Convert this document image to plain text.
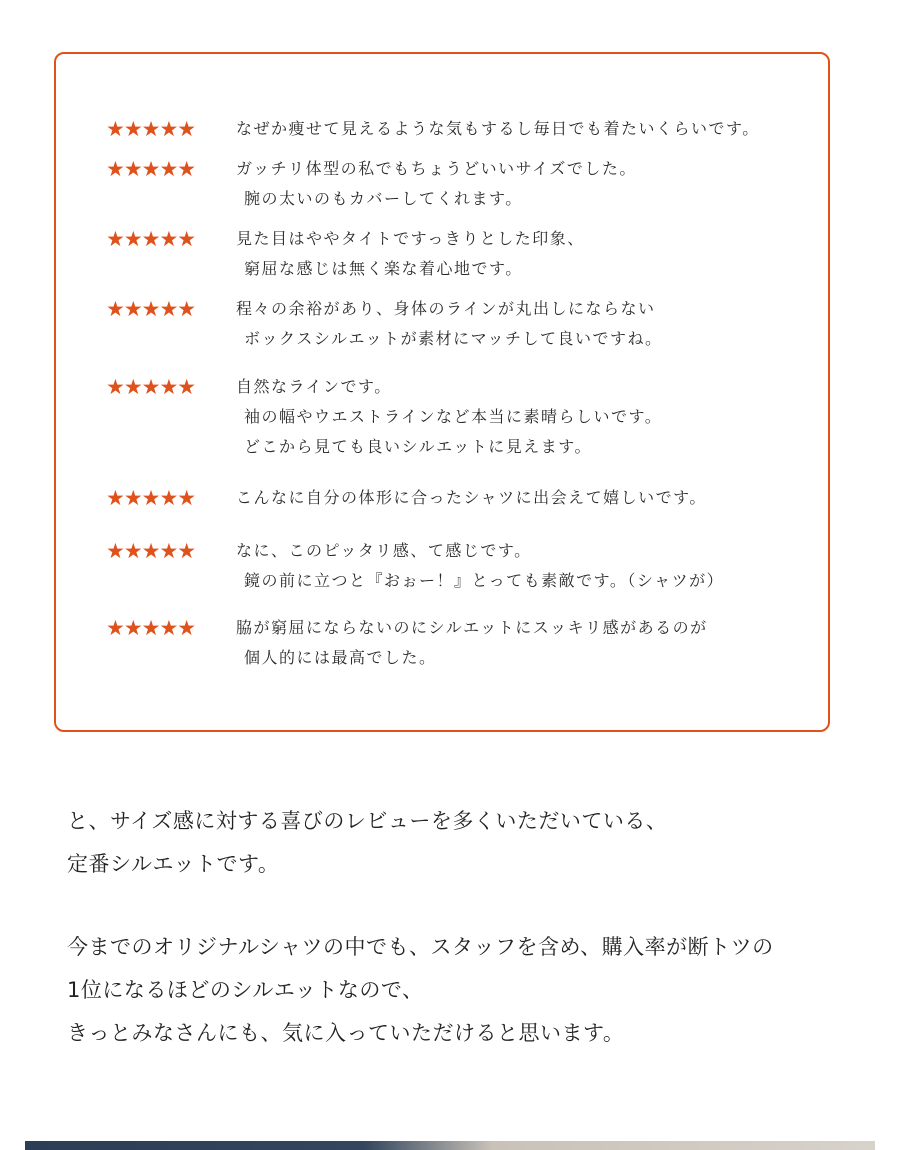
★★★★★	なぜか痩せて見えるような気もするし毎日でも着たいくらいです。
★★★★★	ガッチリ体型の私でもちょうどいいサイズでした。
腕の太いのもカバーしてくれます。
★★★★★	見た目はややタイトですっきりとした印象、
窮屈な感じは無く楽な着心地です。
★★★★★	程々の余裕があり、身体のラインが丸出しにならない
ボックスシルエットが素材にマッチして良いですね。
★★★★★	自然なラインです。
袖の幅やウエストラインなど本当に素晴らしいです。
どこから見ても良いシルエットに見えます。
★★★★★	こんなに自分の体形に合ったシャツに出会えて嬉しいです。
★★★★★	なに、このピッタリ感、て感じです。
鏡の前に立つと『おぉー！』とっても素敵です。（シャツが）
★★★★★	脇が窮屈にならないのにシルエットにスッキリ感があるのが
個人的には最高でした。
と、サイズ感に対する喜びのレビューを多くいただいている、
定番シルエットです。
今までのオリジナルシャツの中でも、スタッフを含め、購入率が断トツの
1位になるほどのシルエットなので、
きっとみなさんにも、気に入っていただけると思います。
